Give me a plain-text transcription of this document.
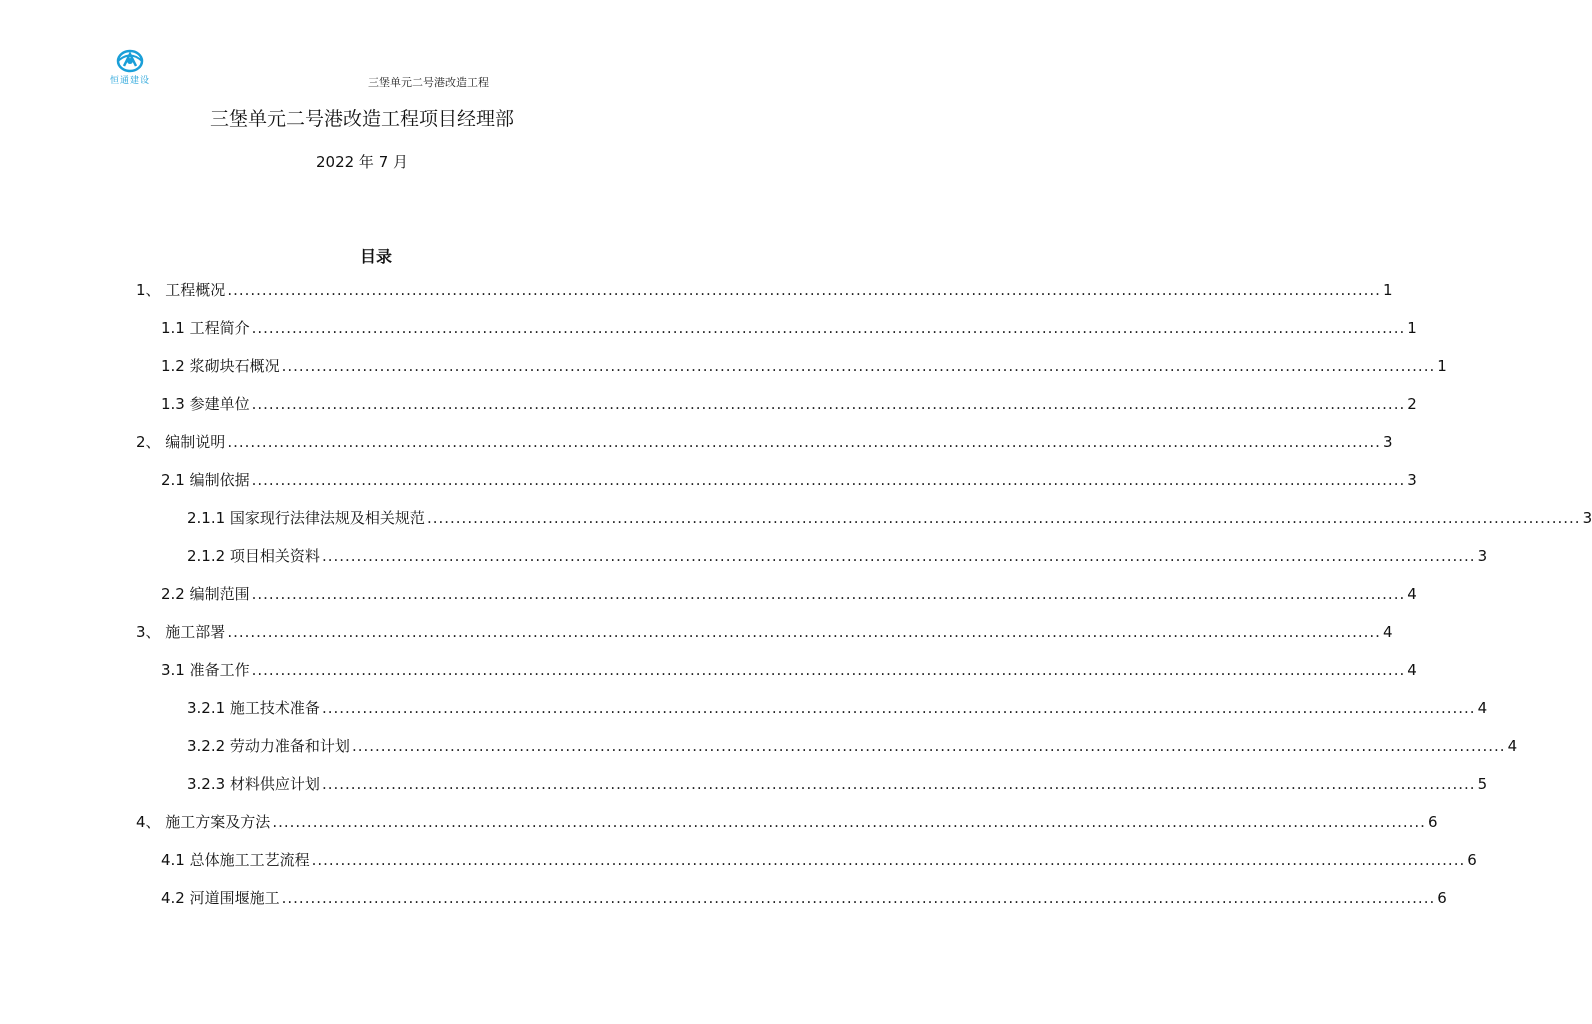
恒通建设	三堡单元二号港改造工程
三堡单元二号港改造工程项目经理部
2022 年 7 月
目录
1、 工程概况 ........................................................................................................................................................................................................ 1
1.1 工程简介 ........................................................................................................................................................................................................ 1
1.2 浆砌块石概况 ........................................................................................................................................................................................................ 1
1.3 参建单位 ........................................................................................................................................................................................................ 2
2、 编制说明 ........................................................................................................................................................................................................ 3
2.1 编制依据 ........................................................................................................................................................................................................ 3
2.1.1 国家现行法律法规及相关规范 ........................................................................................................................................................................................................ 3
2.1.2 项目相关资料 ........................................................................................................................................................................................................ 3
2.2 编制范围 ........................................................................................................................................................................................................ 4
3、 施工部署 ........................................................................................................................................................................................................ 4
3.1 准备工作 ........................................................................................................................................................................................................ 4
3.2.1 施工技术准备 ........................................................................................................................................................................................................ 4
3.2.2 劳动力准备和计划 ........................................................................................................................................................................................................ 4
3.2.3 材料供应计划 ........................................................................................................................................................................................................ 5
4、 施工方案及方法 ........................................................................................................................................................................................................ 6
4.1 总体施工工艺流程 ........................................................................................................................................................................................................ 6
4.2 河道围堰施工 ........................................................................................................................................................................................................ 6
